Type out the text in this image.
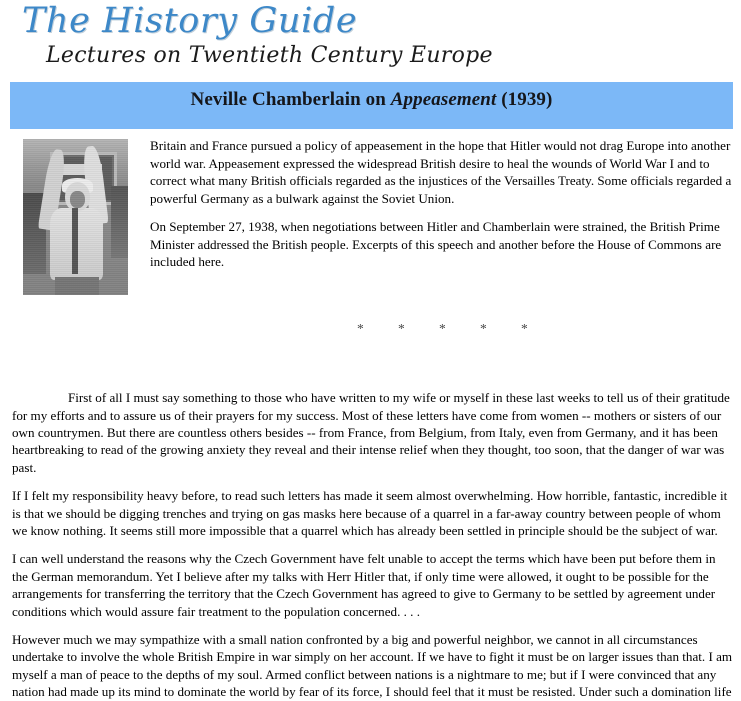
The History Guide
Lectures on Twentieth Century Europe
Neville Chamberlain on Appeasement (1939)

Britain and France pursued a policy of appeasement in the hope that Hitler would not drag Europe into another world war. Appeasement expressed the widespread British desire to heal the wounds of World War I and to correct what many British officials regarded as the injustices of the Versailles Treaty. Some officials regarded a powerful Germany as a bulwark against the Soviet Union.

On September 27, 1938, when negotiations between Hitler and Chamberlain were strained, the British Prime Minister addressed the British people. Excerpts of this speech and another before the House of Commons are included here.

*	*	*	*	*

First of all I must say something to those who have written to my wife or myself in these last weeks to tell us of their gratitude for my efforts and to assure us of their prayers for my success. Most of these letters have come from women -- mothers or sisters of our own countrymen. But there are countless others besides -- from France, from Belgium, from Italy, even from Germany, and it has been heartbreaking to read of the growing anxiety they reveal and their intense relief when they thought, too soon, that the danger of war was past.

If I felt my responsibility heavy before, to read such letters has made it seem almost overwhelming. How horrible, fantastic, incredible it is that we should be digging trenches and trying on gas masks here because of a quarrel in a far-away country between people of whom we know nothing. It seems still more impossible that a quarrel which has already been settled in principle should be the subject of war.

I can well understand the reasons why the Czech Government have felt unable to accept the terms which have been put before them in the German memorandum. Yet I believe after my talks with Herr Hitler that, if only time were allowed, it ought to be possible for the arrangements for transferring the territory that the Czech Government has agreed to give to Germany to be settled by agreement under conditions which would assure fair treatment to the population concerned. . . .

However much we may sympathize with a small nation confronted by a big and powerful neighbor, we cannot in all circumstances undertake to involve the whole British Empire in war simply on her account. If we have to fight it must be on larger issues than that. I am myself a man of peace to the depths of my soul. Armed conflict between nations is a nightmare to me; but if I were convinced that any nation had made up its mind to dominate the world by fear of its force, I should feel that it must be resisted. Under such a domination life
